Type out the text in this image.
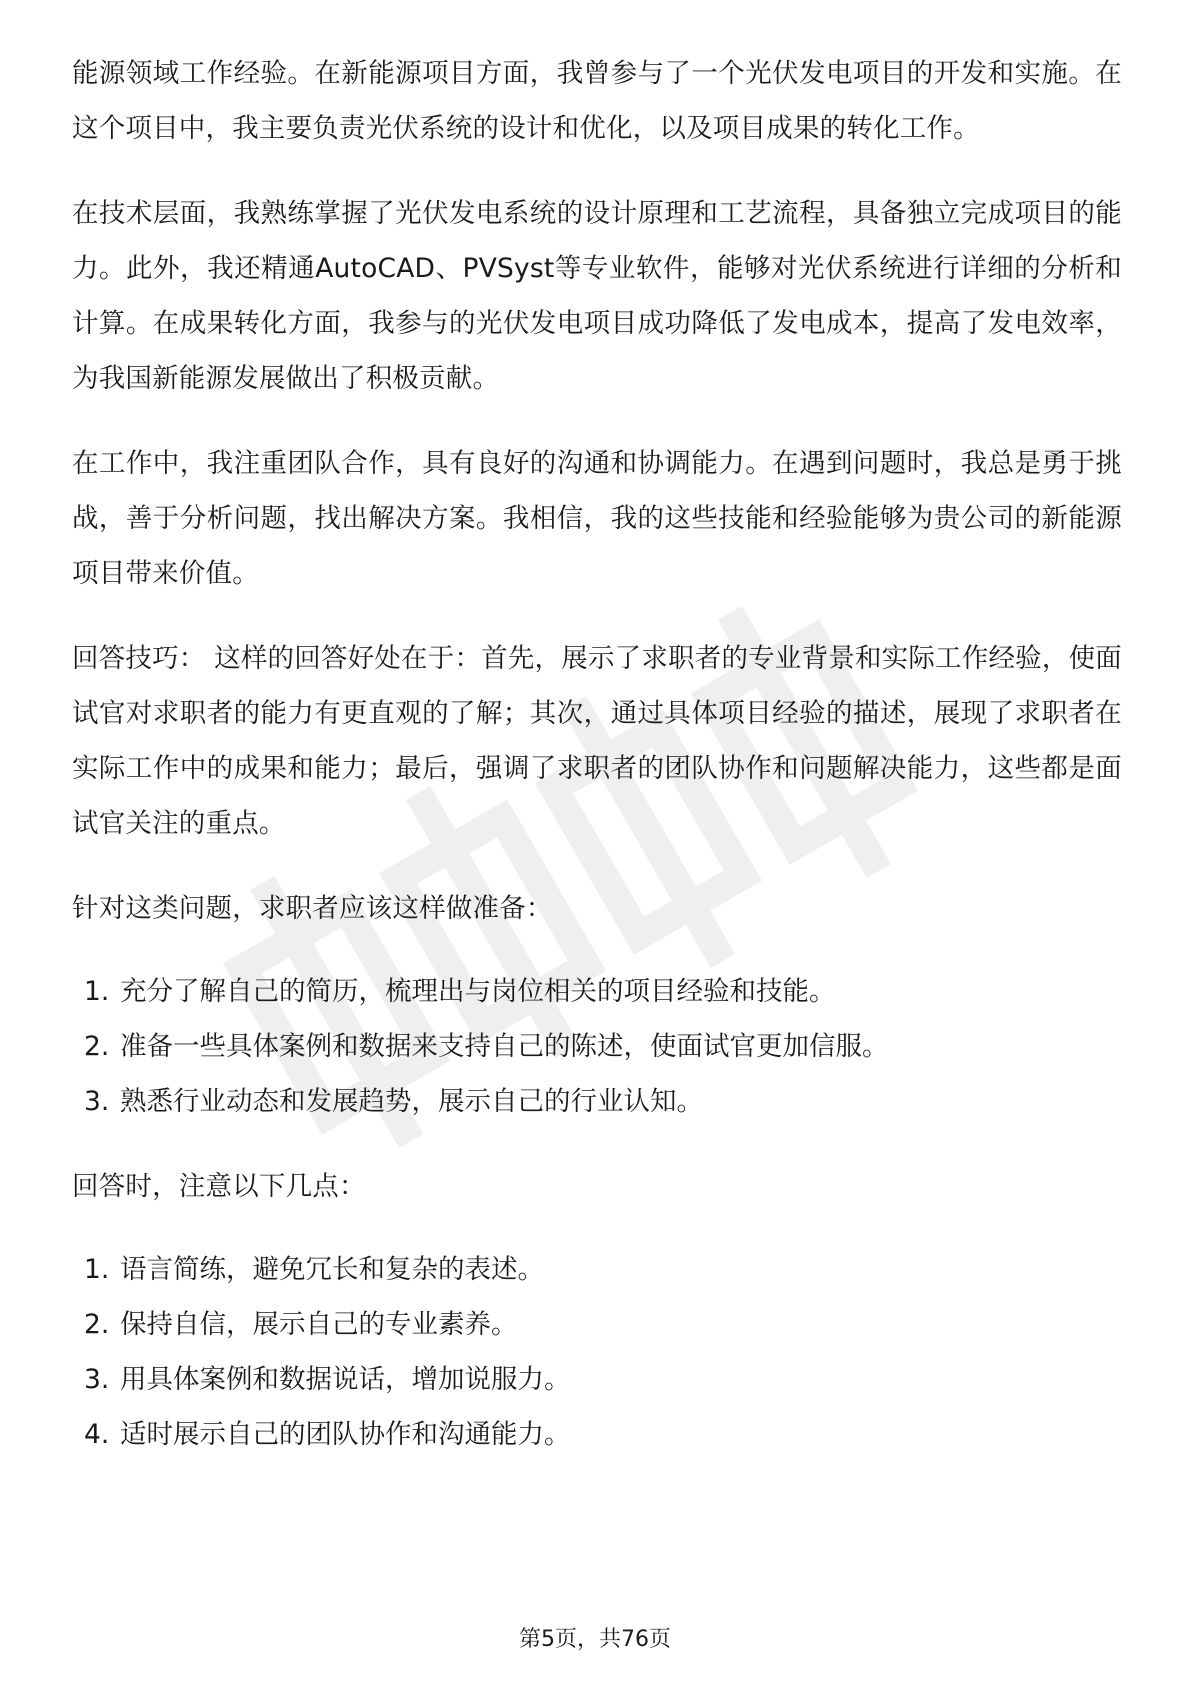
能源领域工作经验。在新能源项目方面，我曾参与了一个光伏发电项目的开发和实施。在这个项目中，我主要负责光伏系统的设计和优化，以及项目成果的转化工作。

在技术层面，我熟练掌握了光伏发电系统的设计原理和工艺流程，具备独立完成项目的能力。此外，我还精通AutoCAD、PVSyst等专业软件，能够对光伏系统进行详细的分析和计算。在成果转化方面，我参与的光伏发电项目成功降低了发电成本，提高了发电效率，为我国新能源发展做出了积极贡献。

在工作中，我注重团队合作，具有良好的沟通和协调能力。在遇到问题时，我总是勇于挑战，善于分析问题，找出解决方案。我相信，我的这些技能和经验能够为贵公司的新能源项目带来价值。

回答技巧： 这样的回答好处在于：首先，展示了求职者的专业背景和实际工作经验，使面试官对求职者的能力有更直观的了解；其次，通过具体项目经验的描述，展现了求职者在实际工作中的成果和能力；最后，强调了求职者的团队协作和问题解决能力，这些都是面试官关注的重点。

针对这类问题，求职者应该这样做准备：

1. 充分了解自己的简历，梳理出与岗位相关的项目经验和技能。
2. 准备一些具体案例和数据来支持自己的陈述，使面试官更加信服。
3. 熟悉行业动态和发展趋势，展示自己的行业认知。

回答时，注意以下几点：

1. 语言简练，避免冗长和复杂的表述。
2. 保持自信，展示自己的专业素养。
3. 用具体案例和数据说话，增加说服力。
4. 适时展示自己的团队协作和沟通能力。
第5页，共76页
